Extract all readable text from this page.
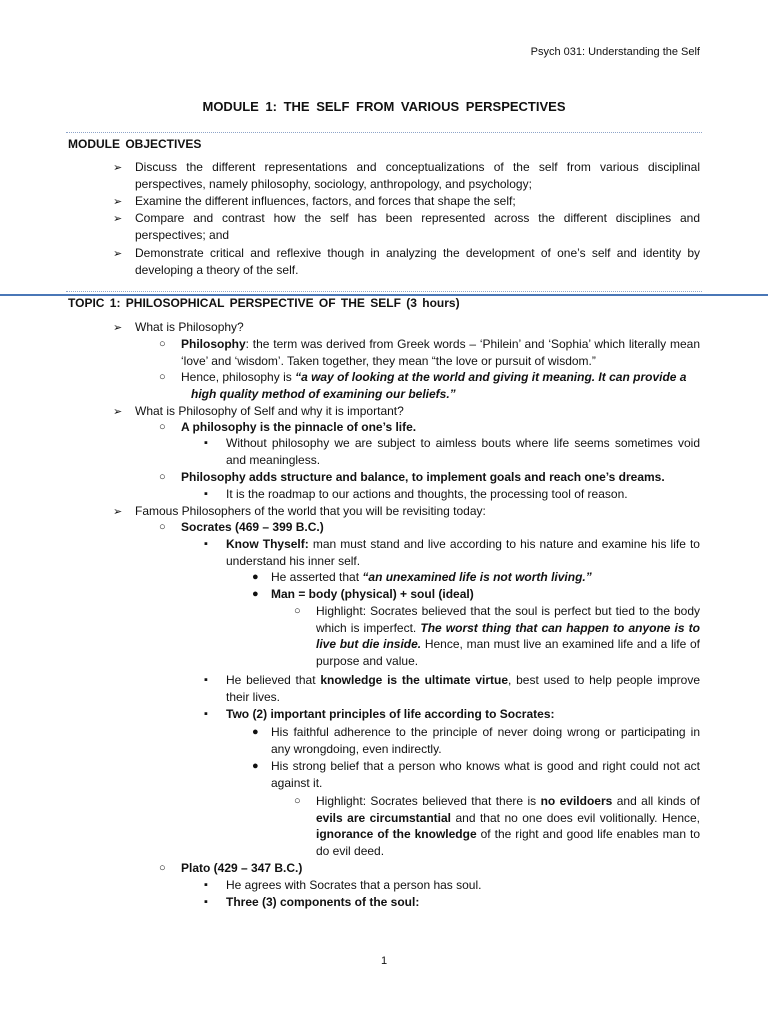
Psych 031: Understanding the Self
MODULE 1: THE SELF FROM VARIOUS PERSPECTIVES
MODULE OBJECTIVES
➢ Discuss the different representations and conceptualizations of the self from various disciplinal perspectives, namely philosophy, sociology, anthropology, and psychology;
➢ Examine the different influences, factors, and forces that shape the self;
➢ Compare and contrast how the self has been represented across the different disciplines and perspectives; and
➢ Demonstrate critical and reflexive though in analyzing the development of one’s self and identity by developing a theory of the self.
TOPIC 1: PHILOSOPHICAL PERSPECTIVE OF THE SELF (3 hours)
➢ What is Philosophy?
○ Philosophy: the term was derived from Greek words – ‘Philein’ and ‘Sophia’ which literally mean ‘love’ and ‘wisdom’. Taken together, they mean “the love or pursuit of wisdom.”
○ Hence, philosophy is “a way of looking at the world and giving it meaning. It can provide a high quality method of examining our beliefs.”
➢ What is Philosophy of Self and why it is important?
○ A philosophy is the pinnacle of one’s life.
▪ Without philosophy we are subject to aimless bouts where life seems sometimes void and meaningless.
○ Philosophy adds structure and balance, to implement goals and reach one’s dreams.
▪ It is the roadmap to our actions and thoughts, the processing tool of reason.
➢ Famous Philosophers of the world that you will be revisiting today:
○ Socrates (469 – 399 B.C.)
▪ Know Thyself: man must stand and live according to his nature and examine his life to understand his inner self.
● He asserted that “an unexamined life is not worth living.”
● Man = body (physical) + soul (ideal)
○ Highlight: Socrates believed that the soul is perfect but tied to the body which is imperfect. The worst thing that can happen to anyone is to live but die inside. Hence, man must live an examined life and a life of purpose and value.
▪ He believed that knowledge is the ultimate virtue, best used to help people improve their lives.
▪ Two (2) important principles of life according to Socrates:
● His faithful adherence to the principle of never doing wrong or participating in any wrongdoing, even indirectly.
● His strong belief that a person who knows what is good and right could not act against it.
○ Highlight: Socrates believed that there is no evildoers and all kinds of evils are circumstantial and that no one does evil volitionally. Hence, ignorance of the knowledge of the right and good life enables man to do evil deed.
○ Plato (429 – 347 B.C.)
▪ He agrees with Socrates that a person has soul.
▪ Three (3) components of the soul:
1
